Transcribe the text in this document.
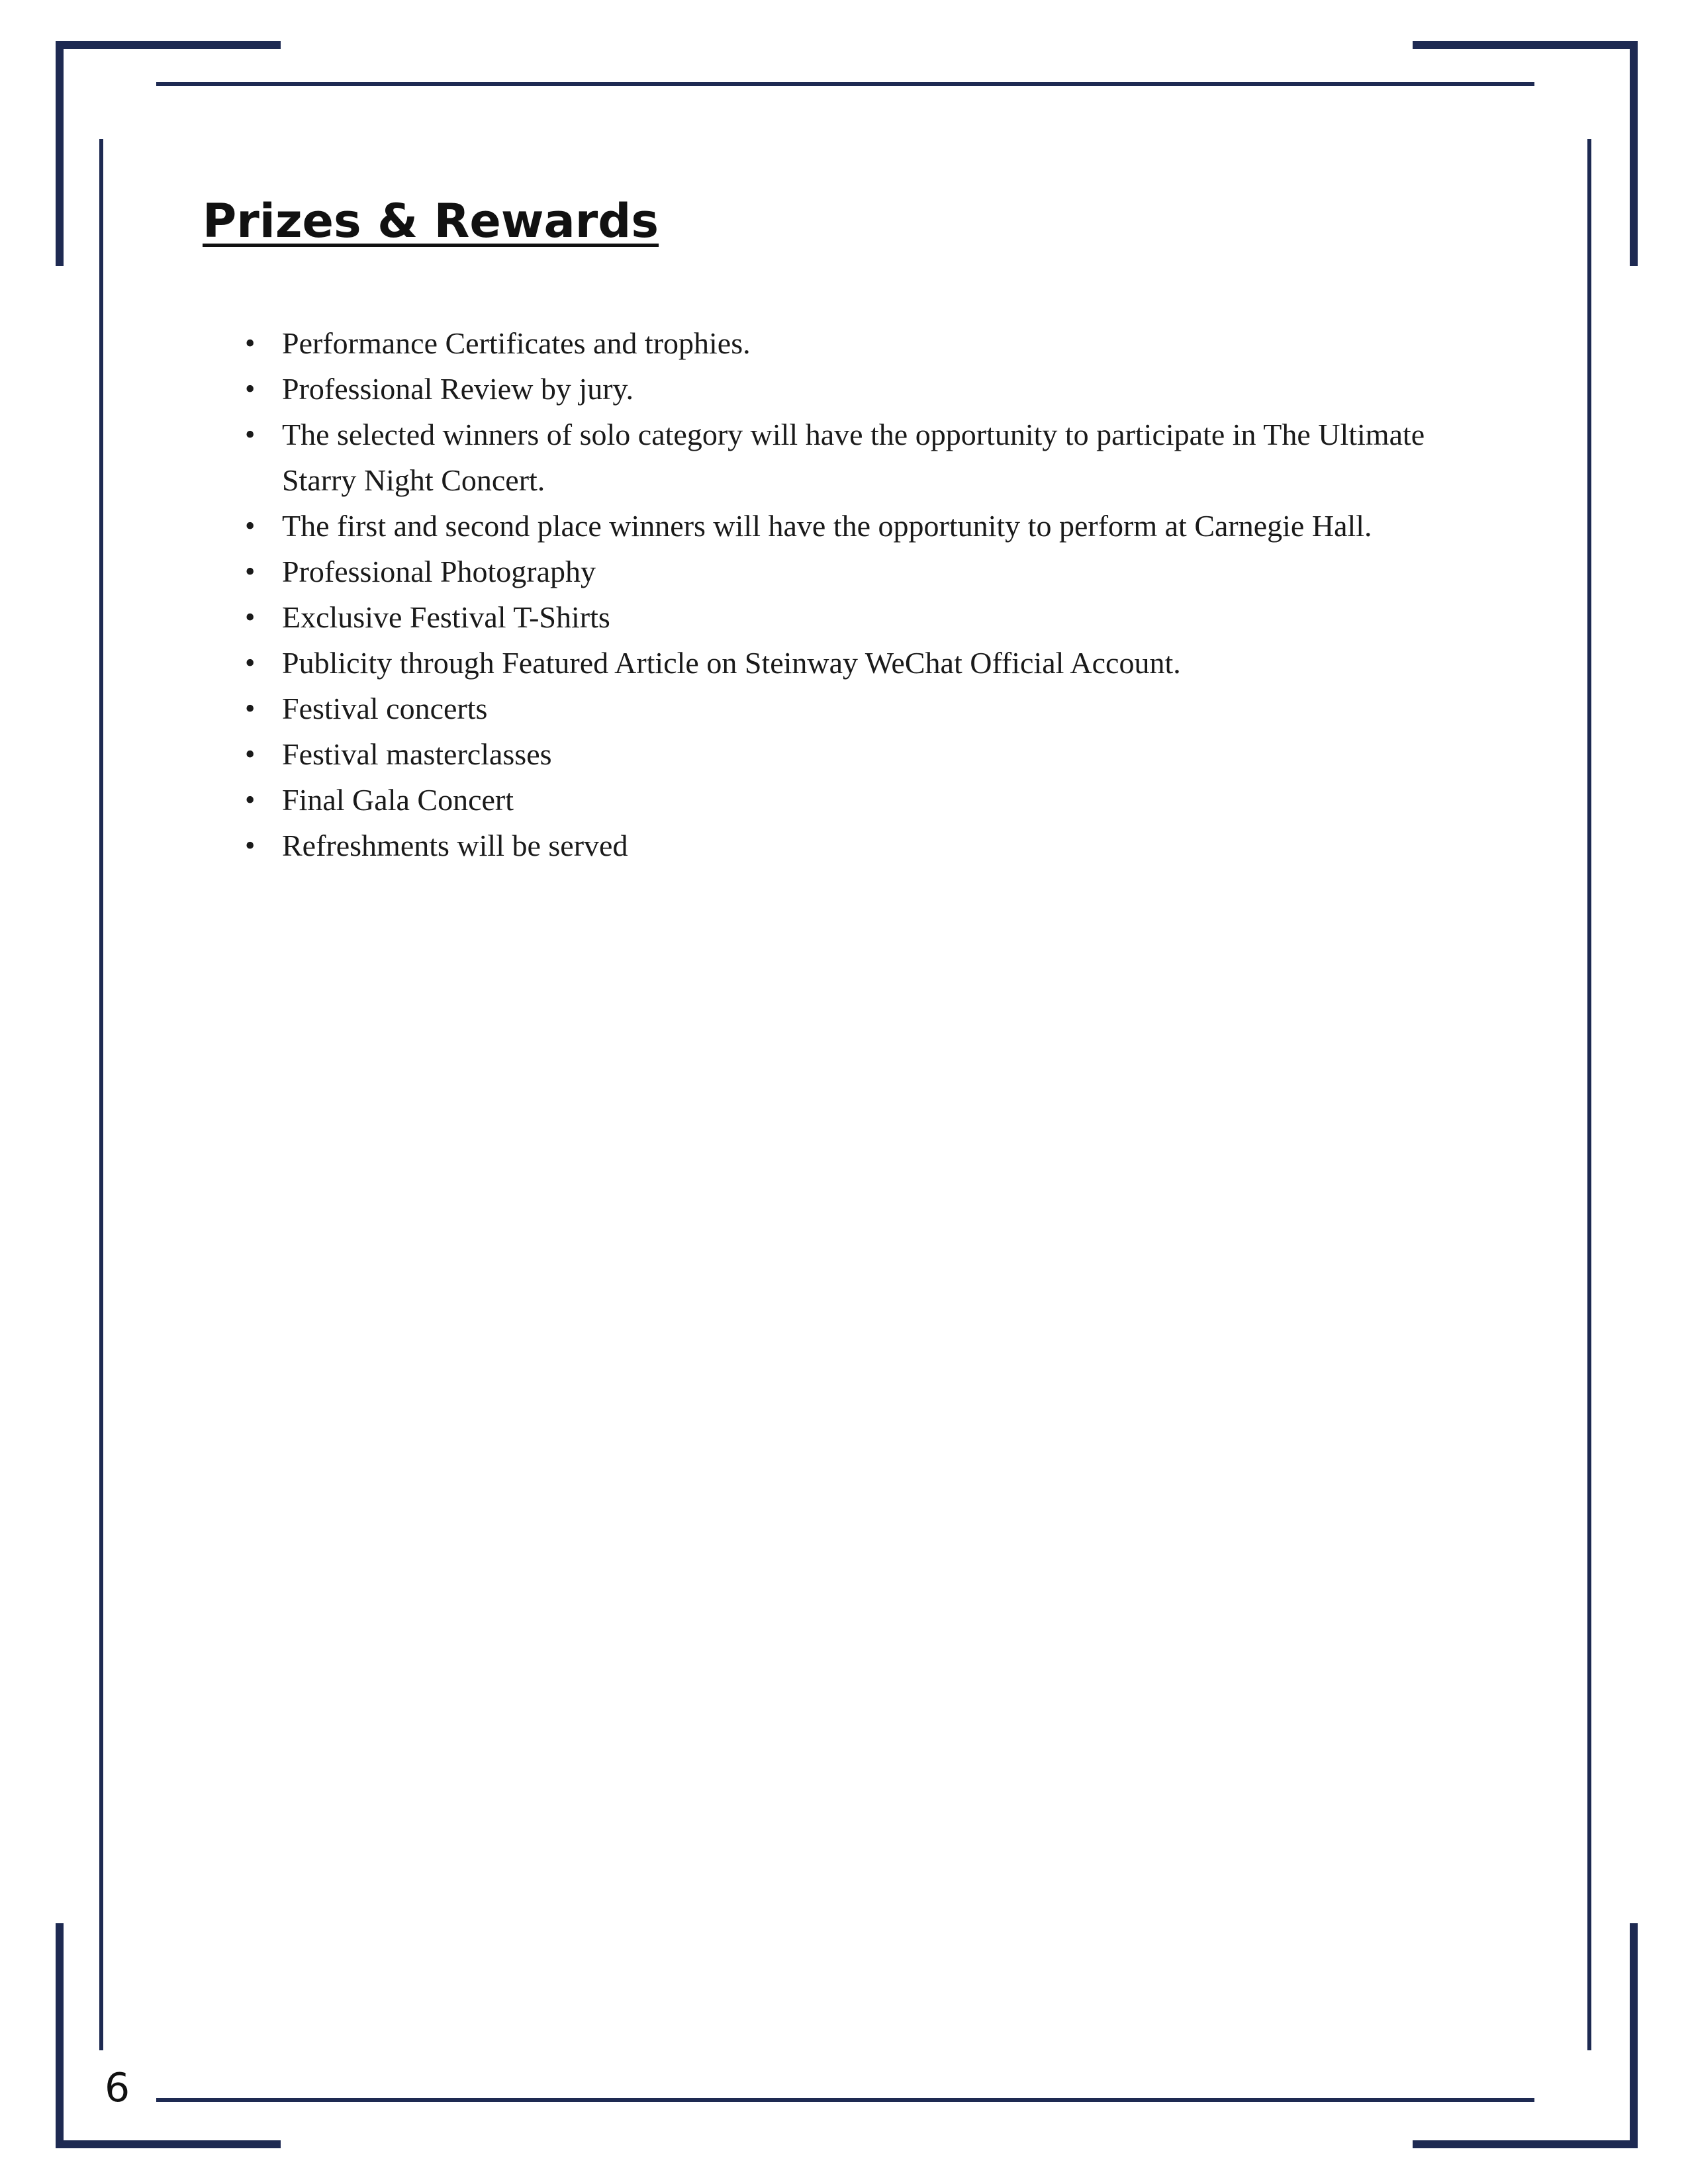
Prizes & Rewards
• Performance Certificates and trophies.
• Professional Review by jury.
• The selected winners of solo category will have the opportunity to participate in The Ultimate Starry Night Concert.
• The first and second place winners will have the opportunity to perform at Carnegie Hall.
• Professional Photography
• Exclusive Festival T-Shirts
• Publicity through Featured Article on Steinway WeChat Official Account.
• Festival concerts
• Festival masterclasses
• Final Gala Concert
• Refreshments will be served
6
